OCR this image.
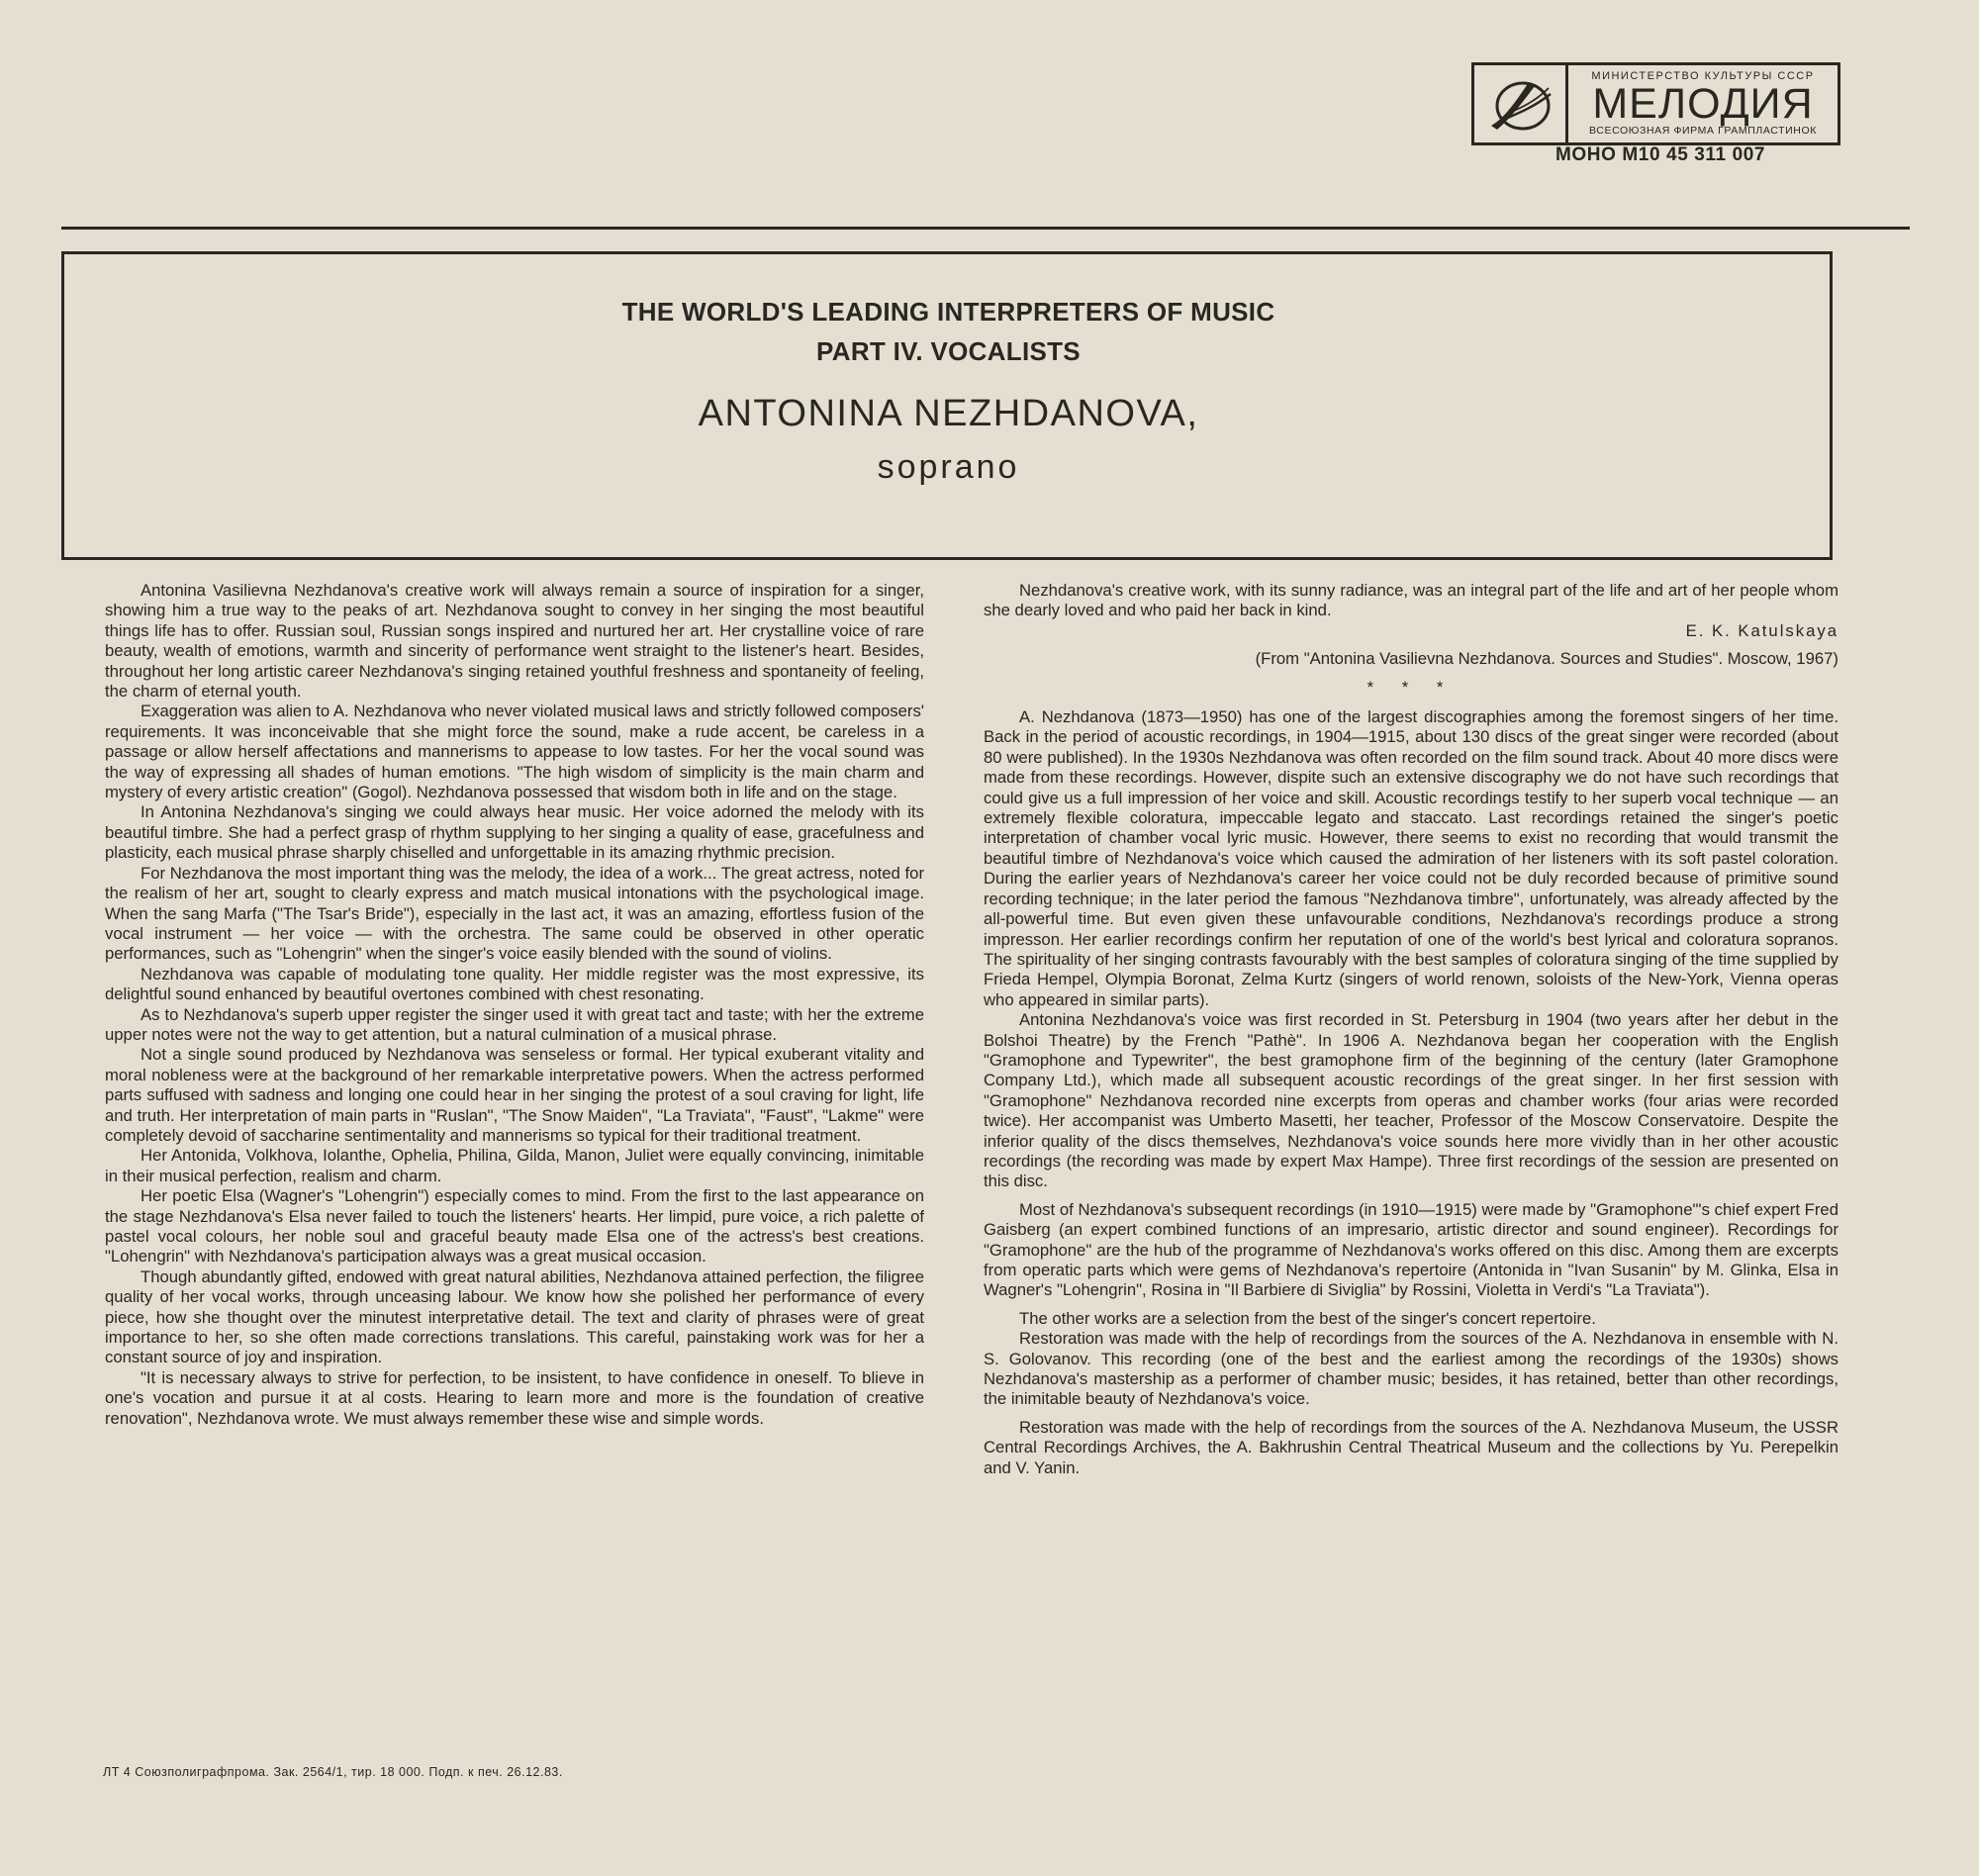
МИНИСТЕРСТВО КУЛЬТУРЫ СССР
МЕЛОДИЯ
ВСЕСОЮЗНАЯ ФИРМА ГРАМПЛАСТИНОК
МОНО М10 45 311 007
THE WORLD'S LEADING INTERPRETERS OF MUSIC
PART IV. VOCALISTS
ANTONINA NEZHDANOVA,
soprano

Antonina Vasilievna Nezhdanova's creative work will always remain a source of inspiration for a singer, showing him a true way to the peaks of art. Nezhdanova sought to convey in her singing the most beautiful things life has to offer. Russian soul, Russian songs inspired and nurtured her art. Her crystalline voice of rare beauty, wealth of emotions, warmth and sincerity of performance went straight to the listener's heart. Besides, throughout her long artistic career Nezhdanova's singing retained youthful freshness and spontaneity of feeling, the charm of eternal youth.

Exaggeration was alien to A. Nezhdanova who never violated musical laws and strictly followed composers' requirements. It was inconceivable that she might force the sound, make a rude accent, be careless in a passage or allow herself affectations and mannerisms to appease to low tastes. For her the vocal sound was the way of expressing all shades of human emotions. "The high wisdom of simplicity is the main charm and mystery of every artistic creation" (Gogol). Nezhdanova possessed that wisdom both in life and on the stage.

In Antonina Nezhdanova's singing we could always hear music. Her voice adorned the melody with its beautiful timbre. She had a perfect grasp of rhythm supplying to her singing a quality of ease, gracefulness and plasticity, each musical phrase sharply chiselled and unforgettable in its amazing rhythmic precision.

For Nezhdanova the most important thing was the melody, the idea of a work... The great actress, noted for the realism of her art, sought to clearly express and match musical intonations with the psychological image. When the sang Marfa ("The Tsar's Bride"), especially in the last act, it was an amazing, effortless fusion of the vocal instrument — her voice — with the orchestra. The same could be observed in other operatic performances, such as "Lohengrin" when the singer's voice easily blended with the sound of violins.

Nezhdanova was capable of modulating tone quality. Her middle register was the most expressive, its delightful sound enhanced by beautiful overtones combined with chest resonating.

As to Nezhdanova's superb upper register the singer used it with great tact and taste; with her the extreme upper notes were not the way to get attention, but a natural culmination of a musical phrase.

Not a single sound produced by Nezhdanova was senseless or formal. Her typical exuberant vitality and moral nobleness were at the background of her remarkable interpretative powers. When the actress performed parts suffused with sadness and longing one could hear in her singing the protest of a soul craving for light, life and truth. Her interpretation of main parts in "Ruslan", "The Snow Maiden", "La Traviata", "Faust", "Lakme" were completely devoid of saccharine sentimentality and mannerisms so typical for their traditional treatment.

Her Antonida, Volkhova, Iolanthe, Ophelia, Philina, Gilda, Manon, Juliet were equally convincing, inimitable in their musical perfection, realism and charm.

Her poetic Elsa (Wagner's "Lohengrin") especially comes to mind. From the first to the last appearance on the stage Nezhdanova's Elsa never failed to touch the listeners' hearts. Her limpid, pure voice, a rich palette of pastel vocal colours, her noble soul and graceful beauty made Elsa one of the actress's best creations. "Lohengrin" with Nezhdanova's participation always was a great musical occasion.

Though abundantly gifted, endowed with great natural abilities, Nezhdanova attained perfection, the filigree quality of her vocal works, through unceasing labour. We know how she polished her performance of every piece, how she thought over the minutest interpretative detail. The text and clarity of phrases were of great importance to her, so she often made corrections translations. This careful, painstaking work was for her a constant source of joy and inspiration.

"It is necessary always to strive for perfection, to be insistent, to have confidence in oneself. To blieve in one's vocation and pursue it at al costs. Hearing to learn more and more is the foundation of creative renovation", Nezhdanova wrote. We must always remember these wise and simple words.

Nezhdanova's creative work, with its sunny radiance, was an integral part of the life and art of her people whom she dearly loved and who paid her back in kind.

E. K. Katulskaya

(From "Antonina Vasilievna Nezhdanova. Sources and Studies". Moscow, 1967)

* * *

A. Nezhdanova (1873—1950) has one of the largest discographies among the foremost singers of her time. Back in the period of acoustic recordings, in 1904—1915, about 130 discs of the great singer were recorded (about 80 were published). In the 1930s Nezhdanova was often recorded on the film sound track. About 40 more discs were made from these recordings. However, dispite such an extensive discography we do not have such recordings that could give us a full impression of her voice and skill. Acoustic recordings testify to her superb vocal technique — an extremely flexible coloratura, impeccable legato and staccato. Last recordings retained the singer's poetic interpretation of chamber vocal lyric music. However, there seems to exist no recording that would transmit the beautiful timbre of Nezhdanova's voice which caused the admiration of her listeners with its soft pastel coloration. During the earlier years of Nezhdanova's career her voice could not be duly recorded because of primitive sound recording technique; in the later period the famous "Nezhdanova timbre", unfortunately, was already affected by the all-powerful time. But even given these unfavourable conditions, Nezhdanova's recordings produce a strong impresson. Her earlier recordings confirm her reputation of one of the world's best lyrical and coloratura sopranos. The spirituality of her singing contrasts favourably with the best samples of coloratura singing of the time supplied by Frieda Hempel, Olympia Boronat, Zelma Kurtz (singers of world renown, soloists of the New-York, Vienna operas who appeared in similar parts).

Antonina Nezhdanova's voice was first recorded in St. Petersburg in 1904 (two years after her debut in the Bolshoi Theatre) by the French "Pathè". In 1906 A. Nezhdanova began her cooperation with the English "Gramophone and Typewriter", the best gramophone firm of the beginning of the century (later Gramophone Company Ltd.), which made all subsequent acoustic recordings of the great singer. In her first session with "Gramophone" Nezhdanova recorded nine excerpts from operas and chamber works (four arias were recorded twice). Her accompanist was Umberto Masetti, her teacher, Professor of the Moscow Conservatoire. Despite the inferior quality of the discs themselves, Nezhdanova's voice sounds here more vividly than in her other acoustic recordings (the recording was made by expert Max Hampe). Three first recordings of the session are presented on this disc.

Most of Nezhdanova's subsequent recordings (in 1910—1915) were made by "Gramophone"'s chief expert Fred Gaisberg (an expert combined functions of an impresario, artistic director and sound engineer). Recordings for "Gramophone" are the hub of the programme of Nezhdanova's works offered on this disc. Among them are excerpts from operatic parts which were gems of Nezhdanova's repertoire (Antonida in "Ivan Susanin" by M. Glinka, Elsa in Wagner's "Lohengrin", Rosina in "Il Barbiere di Siviglia" by Rossini, Violetta in Verdi's "La Traviata").

The other works are a selection from the best of the singer's concert repertoire.

Restoration was made with the help of recordings from the sources of the A. Nezhdanova in ensemble with N. S. Golovanov. This recording (one of the best and the earliest among the recordings of the 1930s) shows Nezhdanova's mastership as a performer of chamber music; besides, it has retained, better than other recordings, the inimitable beauty of Nezhdanova's voice.

Restoration was made with the help of recordings from the sources of the A. Nezhdanova Museum, the USSR Central Recordings Archives, the A. Bakhrushin Central Theatrical Museum and the collections by Yu. Perepelkin and V. Yanin.

ЛТ 4 Союзполиграфпрома. Зак. 2564/1, тир. 18 000. Подп. к печ. 26.12.83.
